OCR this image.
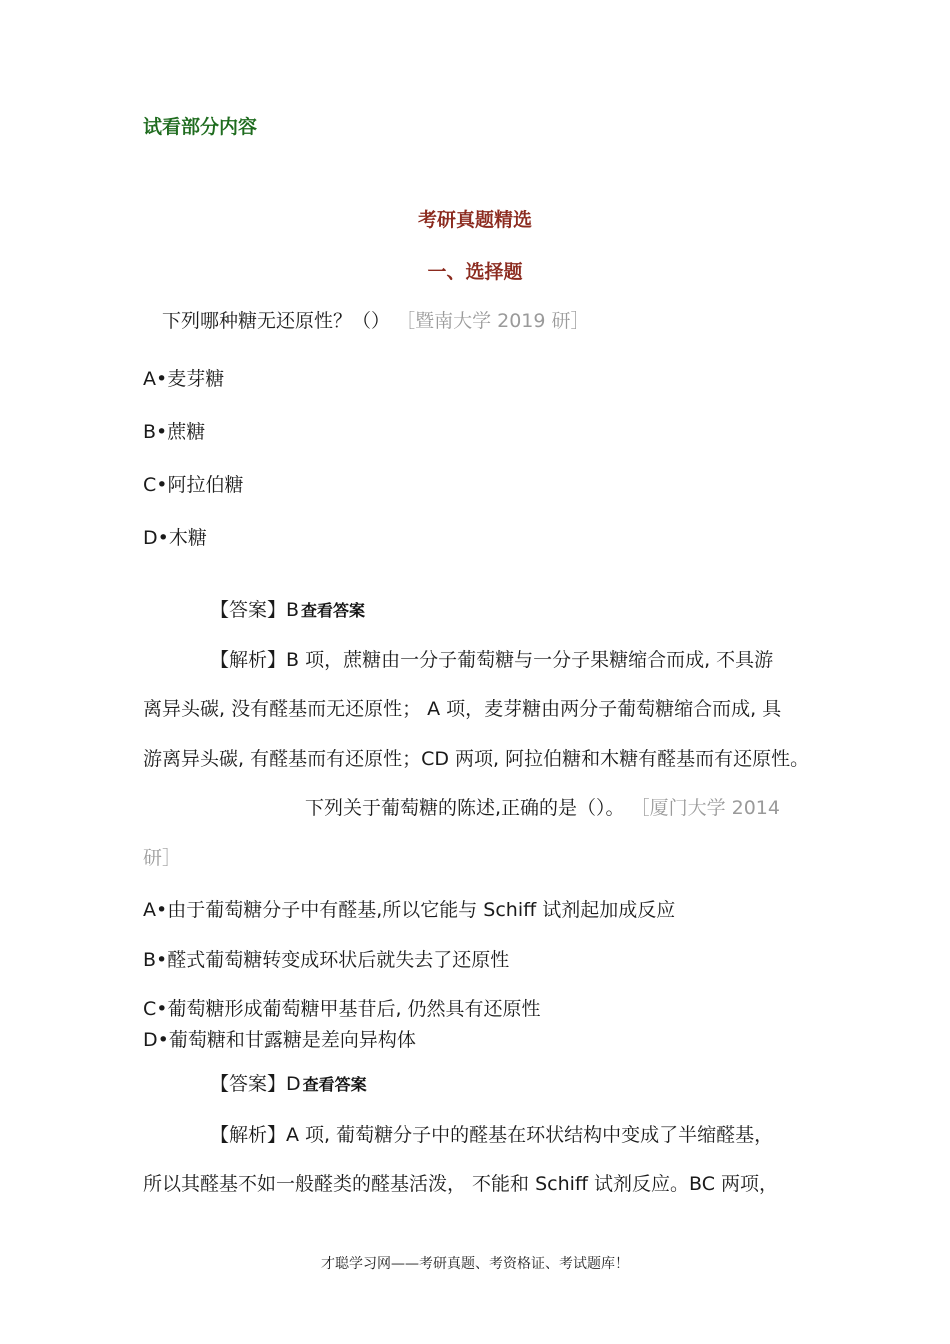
试看部分内容
考研真题精选
一、选择题
下列哪种糖无还原性？（） ［暨南大学 2019 研］
A•麦芽糖
B•蔗糖
C•阿拉伯糖
D•木糖
【答案】B 查看答案
【解析】B 项，蔗糖由一分子葡萄糖与一分子果糖缩合而成, 不具游
离异头碳, 没有醛基而无还原性； A 项，麦芽糖由两分子葡萄糖缩合而成, 具
游离异头碳, 有醛基而有还原性；CD 两项, 阿拉伯糖和木糖有醛基而有还原性。
下列关于葡萄糖的陈述,正确的是（）。 ［厦门大学 2014
研］
A•由于葡萄糖分子中有醛基,所以它能与 Schiff 试剂起加成反应
B•醛式葡萄糖转变成环状后就失去了还原性
C•葡萄糖形成葡萄糖甲基苷后, 仍然具有还原性
D•葡萄糖和甘露糖是差向异构体
【答案】D 查看答案
【解析】A 项, 葡萄糖分子中的醛基在环状结构中变成了半缩醛基，
所以其醛基不如一般醛类的醛基活泼， 不能和 Schiff 试剂反应。BC 两项，
才聪学习网——考研真题、考资格证、考试题库！
